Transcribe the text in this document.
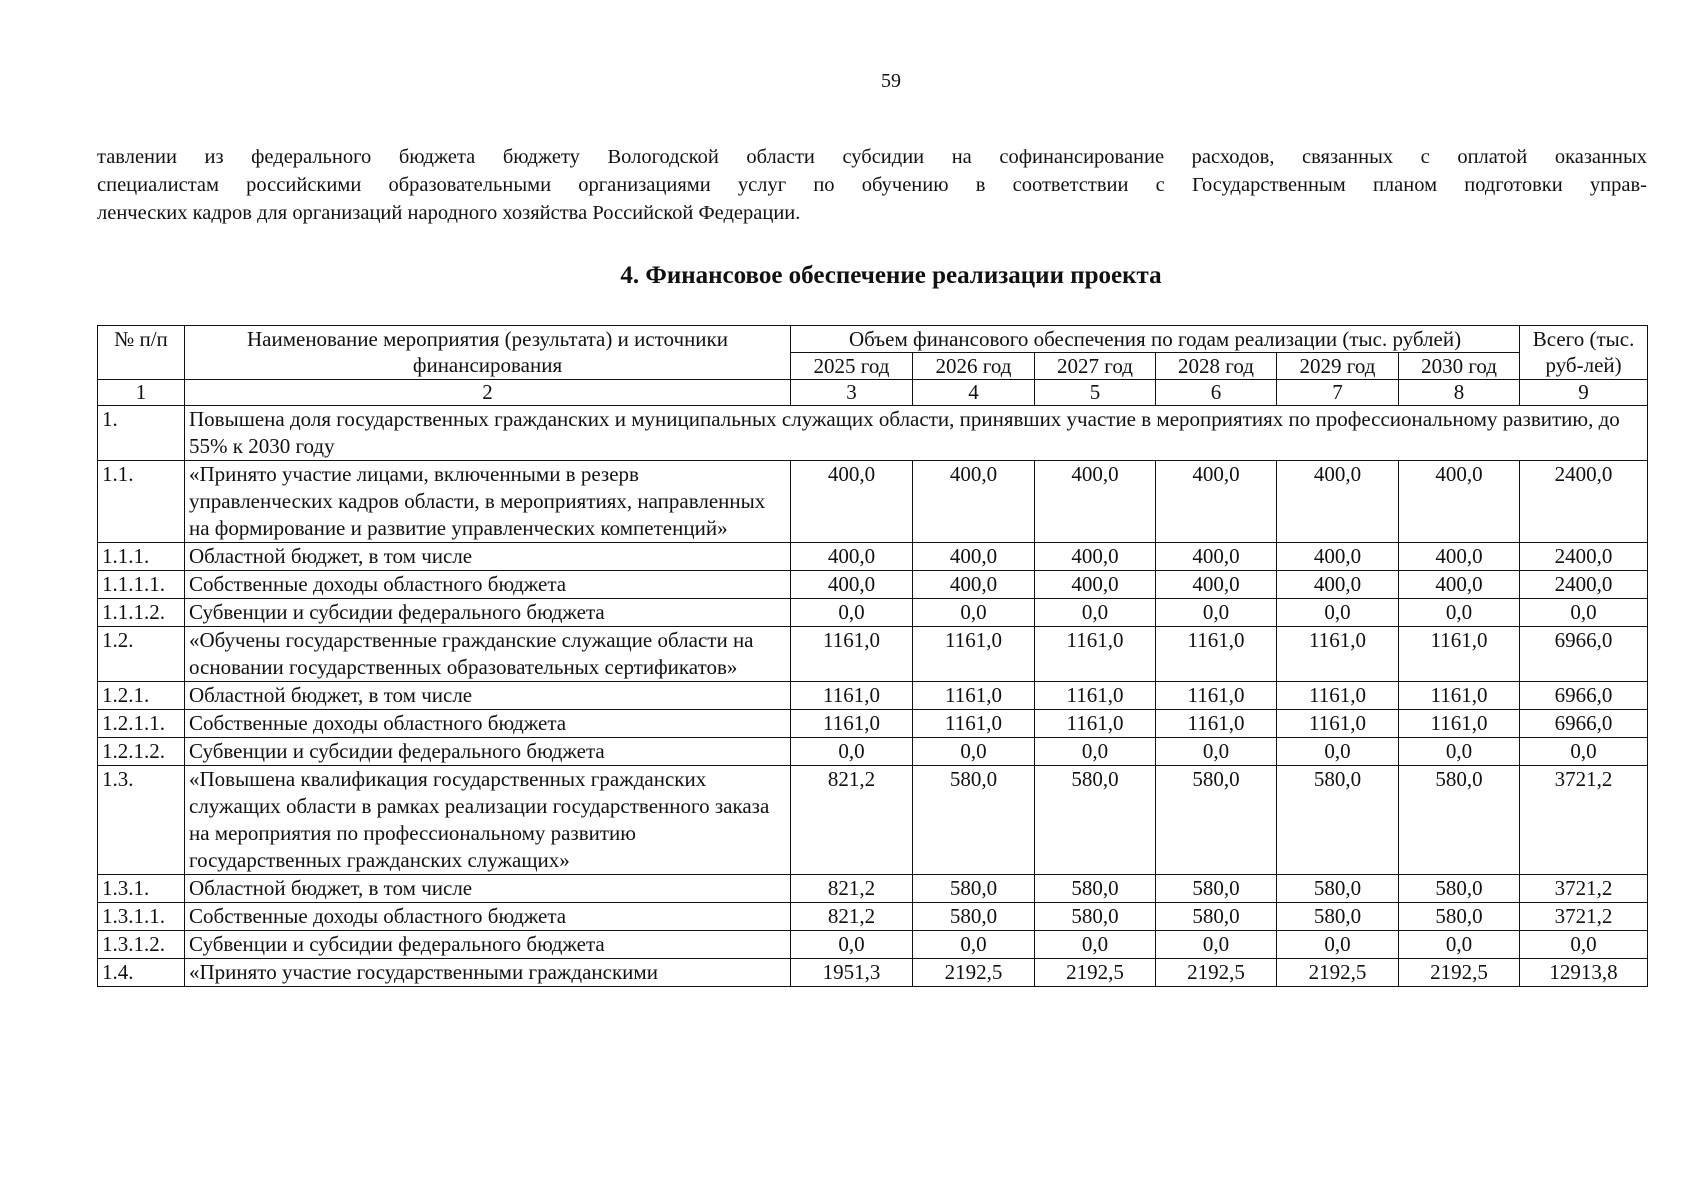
59
тавлении из федерального бюджета бюджету Вологодской области субсидии на софинансирование расходов, связанных с оплатой оказанных
специалистам российскими образовательными организациями услуг по обучению в соответствии с Государственным планом подготовки управ-
ленческих кадров для организаций народного хозяйства Российской Федерации.
4. Финансовое обеспечение реализации проекта
№ п/п	Наименование мероприятия (результата) и источники финансирования	Объем финансового обеспечения по годам реализации (тыс. рублей)						Всего (тыс. руб-лей)
		2025 год	2026 год	2027 год	2028 год	2029 год	2030 год	
1	2	3	4	5	6	7	8	9
1.	Повышена доля государственных гражданских и муниципальных служащих области, принявших участие в мероприятиях по профессиональному развитию, до 55% к 2030 году							
1.1.	«Принято участие лицами, включенными в резерв управленческих кадров области, в мероприятиях, направленных на формирование и развитие управленческих компетенций»	400,0	400,0	400,0	400,0	400,0	400,0	2400,0
1.1.1.	Областной бюджет, в том числе	400,0	400,0	400,0	400,0	400,0	400,0	2400,0
1.1.1.1.	Собственные доходы областного бюджета	400,0	400,0	400,0	400,0	400,0	400,0	2400,0
1.1.1.2.	Субвенции и субсидии федерального бюджета	0,0	0,0	0,0	0,0	0,0	0,0	0,0
1.2.	«Обучены государственные гражданские служащие области на основании государственных образовательных сертификатов»	1161,0	1161,0	1161,0	1161,0	1161,0	1161,0	6966,0
1.2.1.	Областной бюджет, в том числе	1161,0	1161,0	1161,0	1161,0	1161,0	1161,0	6966,0
1.2.1.1.	Собственные доходы областного бюджета	1161,0	1161,0	1161,0	1161,0	1161,0	1161,0	6966,0
1.2.1.2.	Субвенции и субсидии федерального бюджета	0,0	0,0	0,0	0,0	0,0	0,0	0,0
1.3.	«Повышена квалификация государственных гражданских служащих области в рамках реализации государственного заказа на мероприятия по профессиональному развитию государственных гражданских служащих»	821,2	580,0	580,0	580,0	580,0	580,0	3721,2
1.3.1.	Областной бюджет, в том числе	821,2	580,0	580,0	580,0	580,0	580,0	3721,2
1.3.1.1.	Собственные доходы областного бюджета	821,2	580,0	580,0	580,0	580,0	580,0	3721,2
1.3.1.2.	Субвенции и субсидии федерального бюджета	0,0	0,0	0,0	0,0	0,0	0,0	0,0
1.4.	«Принято участие государственными гражданскими	1951,3	2192,5	2192,5	2192,5	2192,5	2192,5	12913,8
